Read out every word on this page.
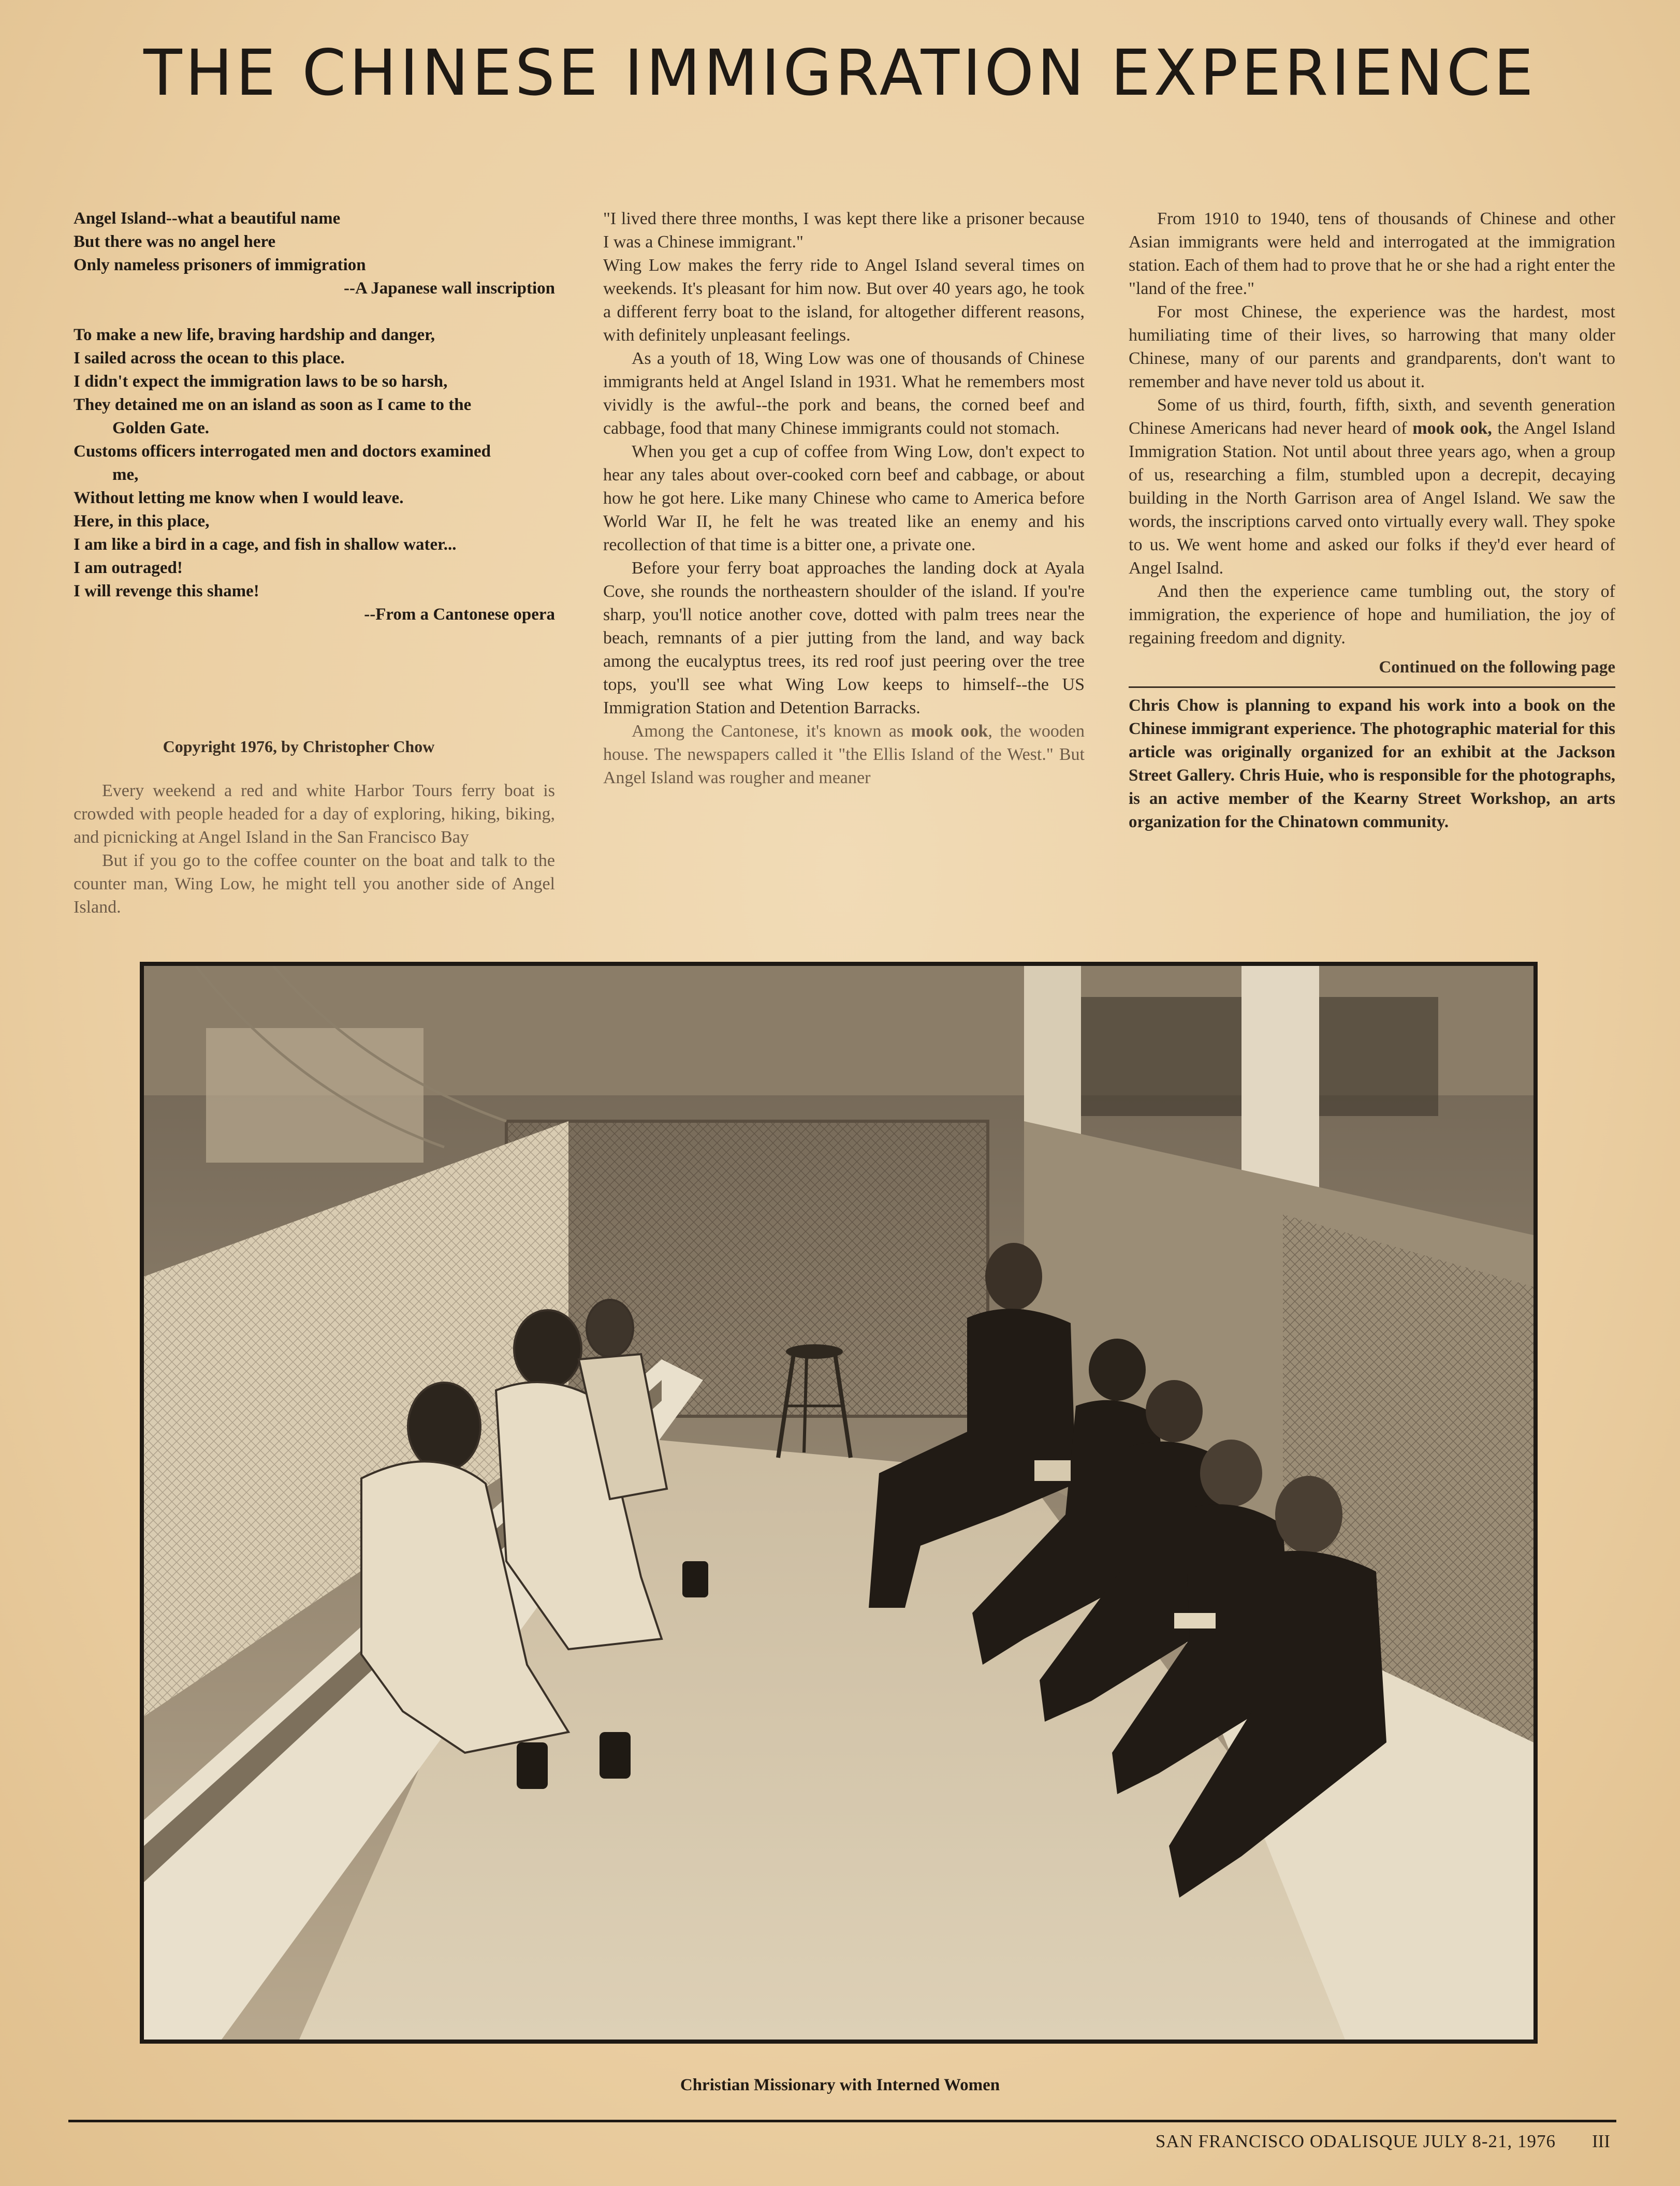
THE CHINESE IMMIGRATION EXPERIENCE
Angel Island--what a beautiful name
But there was no angel here
Only nameless prisoners of immigration
--A Japanese wall inscription
To make a new life, braving hardship and danger,
I sailed across the ocean to this place.
I didn't expect the immigration laws to be so harsh,
They detained me on an island as soon as I came to the
Golden Gate.
Customs officers interrogated men and doctors examined
me,
Without letting me know when I would leave.
Here, in this place,
I am like a bird in a cage, and fish in shallow water...
I am outraged!
I will revenge this shame!
--From a Cantonese opera
Copyright 1976, by Christopher Chow

Every weekend a red and white Harbor Tours ferry boat is crowded with people headed for a day of exploring, hiking, biking, and picnicking at Angel Island in the San Francisco Bay

But if you go to the coffee counter on the boat and talk to the counter man, Wing Low, he might tell you another side of Angel Island.

"I lived there three months, I was kept there like a prisoner because I was a Chinese immigrant."

Wing Low makes the ferry ride to Angel Island several times on weekends. It's pleasant for him now. But over 40 years ago, he took a different ferry boat to the island, for altogether different reasons, with definitely unpleasant feelings.

As a youth of 18, Wing Low was one of thousands of Chinese immigrants held at Angel Island in 1931. What he remembers most vividly is the awful--the pork and beans, the corned beef and cabbage, food that many Chinese immigrants could not stomach.

When you get a cup of coffee from Wing Low, don't expect to hear any tales about over-cooked corn beef and cabbage, or about how he got here. Like many Chinese who came to America before World War II, he felt he was treated like an enemy and his recollection of that time is a bitter one, a private one.

Before your ferry boat approaches the landing dock at Ayala Cove, she rounds the northeastern shoulder of the island. If you're sharp, you'll notice another cove, dotted with palm trees near the beach, remnants of a pier jutting from the land, and way back among the eucalyptus trees, its red roof just peering over the tree tops, you'll see what Wing Low keeps to himself--the US Immigration Station and Detention Barracks.

Among the Cantonese, it's known as mook ook, the wooden house. The newspapers called it "the Ellis Island of the West." But Angel Island was rougher and meaner

From 1910 to 1940, tens of thousands of Chinese and other Asian immigrants were held and interrogated at the immigration station. Each of them had to prove that he or she had a right enter the "land of the free."

For most Chinese, the experience was the hardest, most humiliating time of their lives, so harrowing that many older Chinese, many of our parents and grandparents, don't want to remember and have never told us about it.

Some of us third, fourth, fifth, sixth, and seventh generation Chinese Americans had never heard of mook ook, the Angel Island Immigration Station. Not until about three years ago, when a group of us, researching a film, stumbled upon a decrepit, decaying building in the North Garrison area of Angel Island. We saw the words, the inscriptions carved onto virtually every wall. They spoke to us. We went home and asked our folks if they'd ever heard of Angel Isalnd.

And then the experience came tumbling out, the story of immigration, the experience of hope and humiliation, the joy of regaining freedom and dignity.

Continued on the following page
Chris Chow is planning to expand his work into a book on the Chinese immigrant experience. The photographic material for this article was originally organized for an exhibit at the Jackson Street Gallery. Chris Huie, who is responsible for the photographs, is an active member of the Kearny Street Workshop, an arts organization for the Chinatown community.
Christian Missionary with Interned Women
SAN FRANCISCO ODALISQUE JULY 8-21, 1976 III
